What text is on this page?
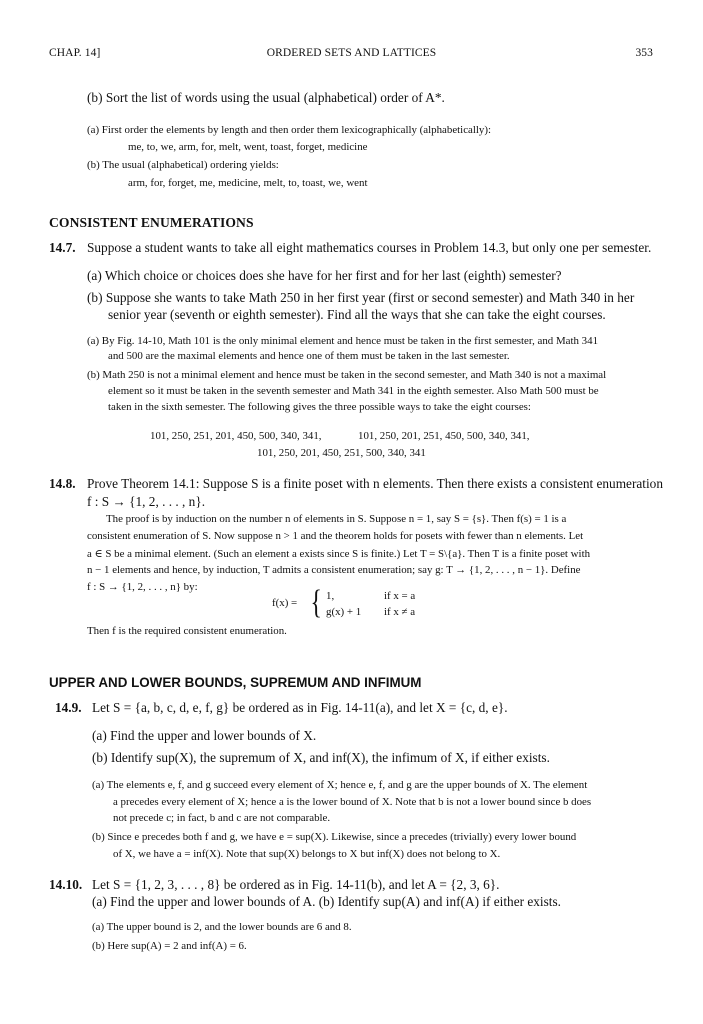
CHAP. 14]	ORDERED SETS AND LATTICES	353
(b) Sort the list of words using the usual (alphabetical) order of A*.
(a) First order the elements by length and then order them lexicographically (alphabetically):
me, to, we, arm, for, melt, went, toast, forget, medicine
(b) The usual (alphabetical) ordering yields:
arm, for, forget, me, medicine, melt, to, toast, we, went
CONSISTENT ENUMERATIONS
14.7. Suppose a student wants to take all eight mathematics courses in Problem 14.3, but only one per semester.
(a) Which choice or choices does she have for her first and for her last (eighth) semester?
(b) Suppose she wants to take Math 250 in her first year (first or second semester) and Math 340 in her
senior year (seventh or eighth semester). Find all the ways that she can take the eight courses.
(a) By Fig. 14-10, Math 101 is the only minimal element and hence must be taken in the first semester, and Math 341
and 500 are the maximal elements and hence one of them must be taken in the last semester.
(b) Math 250 is not a minimal element and hence must be taken in the second semester, and Math 340 is not a maximal
element so it must be taken in the seventh semester and Math 341 in the eighth semester. Also Math 500 must be
taken in the sixth semester. The following gives the three possible ways to take the eight courses:
101, 250, 251, 201, 450, 500, 340, 341,	101, 250, 201, 251, 450, 500, 340, 341,
101, 250, 201, 450, 251, 500, 340, 341
14.8. Prove Theorem 14.1: Suppose S is a finite poset with n elements. Then there exists a consistent enumeration
f : S → {1, 2, . . . , n}.
The proof is by induction on the number n of elements in S. Suppose n = 1, say S = {s}. Then f(s) = 1 is a
consistent enumeration of S. Now suppose n > 1 and the theorem holds for posets with fewer than n elements. Let
a ∈ S be a minimal element. (Such an element a exists since S is finite.) Let T = S\{a}. Then T is a finite poset with
n − 1 elements and hence, by induction, T admits a consistent enumeration; say g: T → {1, 2, . . . , n − 1}. Define
f : S → {1, 2, . . . , n} by:
f(x) = { 1,	if x = a
g(x) + 1 if x ≠ a
Then f is the required consistent enumeration.
UPPER AND LOWER BOUNDS, SUPREMUM AND INFIMUM
14.9. Let S = {a, b, c, d, e, f, g} be ordered as in Fig. 14-11(a), and let X = {c, d, e}.
(a) Find the upper and lower bounds of X.
(b) Identify sup(X), the supremum of X, and inf(X), the infimum of X, if either exists.
(a) The elements e, f, and g succeed every element of X; hence e, f, and g are the upper bounds of X. The element
a precedes every element of X; hence a is the lower bound of X. Note that b is not a lower bound since b does
not precede c; in fact, b and c are not comparable.
(b) Since e precedes both f and g, we have e = sup(X). Likewise, since a precedes (trivially) every lower bound
of X, we have a = inf(X). Note that sup(X) belongs to X but inf(X) does not belong to X.
14.10. Let S = {1, 2, 3, . . . , 8} be ordered as in Fig. 14-11(b), and let A = {2, 3, 6}.
(a) Find the upper and lower bounds of A. (b) Identify sup(A) and inf(A) if either exists.
(a) The upper bound is 2, and the lower bounds are 6 and 8.
(b) Here sup(A) = 2 and inf(A) = 6.
